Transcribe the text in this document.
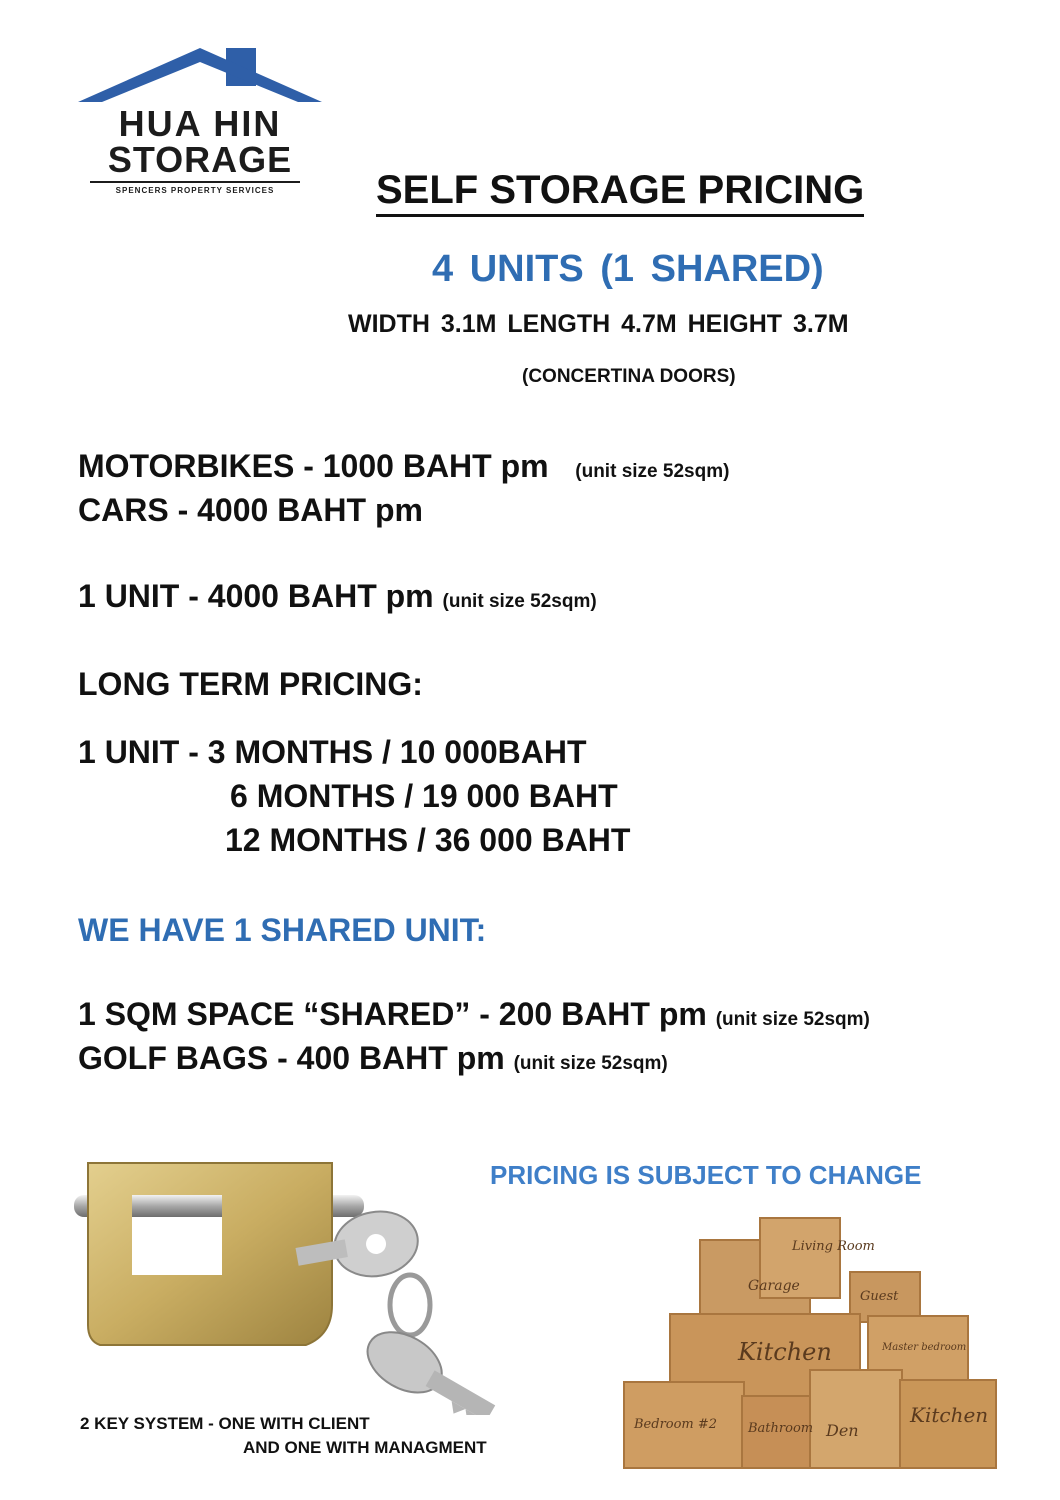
HUA HIN
STORAGE
SPENCERS PROPERTY SERVICES	SELF STORAGE PRICING
4 UNITS (1 SHARED)
WIDTH 3.1M LENGTH 4.7M HEIGHT 3.7M
(CONCERTINA DOORS)
MOTORBIKES - 1000 BAHT pm (unit size 52sqm)
CARS - 4000 BAHT pm
1 UNIT - 4000 BAHT pm (unit size 52sqm)
LONG TERM PRICING:
1 UNIT - 3 MONTHS / 10 000BAHT
6 MONTHS / 19 000 BAHT
12 MONTHS / 36 000 BAHT
WE HAVE 1 SHARED UNIT:
1 SQM SPACE “SHARED” - 200 BAHT pm (unit size 52sqm)
GOLF BAGS - 400 BAHT pm (unit size 52sqm)
PRICING IS SUBJECT TO CHANGE
Garage
Living Room
Guest
Kitchen	Master bedroom
Bedroom #2 Bathroom Den
Kitchen
2 KEY SYSTEM - ONE WITH CLIENT
AND ONE WITH MANAGMENT
